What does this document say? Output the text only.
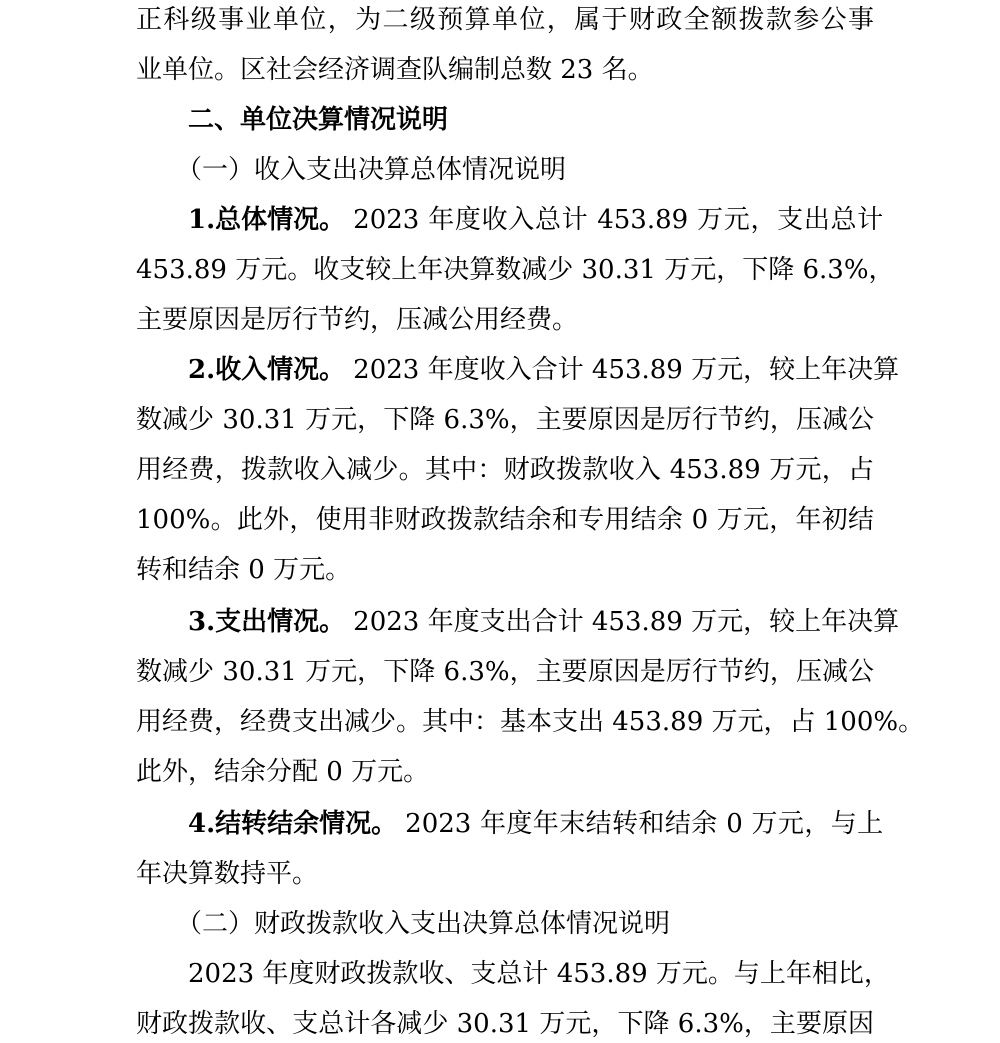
正科级事业单位，为二级预算单位，属于财政全额拨款参公事
业单位。区社会经济调查队编制总数 23 名。
二、单位决算情况说明
（一）收入支出决算总体情况说明
1.总体情况。 2023 年度收入总计 453.89 万元，支出总计
453.89 万元。收支较上年决算数减少 30.31 万元，下降 6.3%，
主要原因是厉行节约，压减公用经费。
2.收入情况。 2023 年度收入合计 453.89 万元，较上年决算
数减少 30.31 万元，下降 6.3%，主要原因是厉行节约，压减公
用经费，拨款收入减少。其中：财政拨款收入 453.89 万元，占
100%。此外，使用非财政拨款结余和专用结余 0 万元，年初结
转和结余 0 万元。
3.支出情况。 2023 年度支出合计 453.89 万元，较上年决算
数减少 30.31 万元，下降 6.3%，主要原因是厉行节约，压减公
用经费，经费支出减少。其中：基本支出 453.89 万元，占 100%。
此外，结余分配 0 万元。
4.结转结余情况。 2023 年度年末结转和结余 0 万元，与上
年决算数持平。
（二）财政拨款收入支出决算总体情况说明
2023 年度财政拨款收、支总计 453.89 万元。与上年相比，
财政拨款收、支总计各减少 30.31 万元，下降 6.3%，主要原因
